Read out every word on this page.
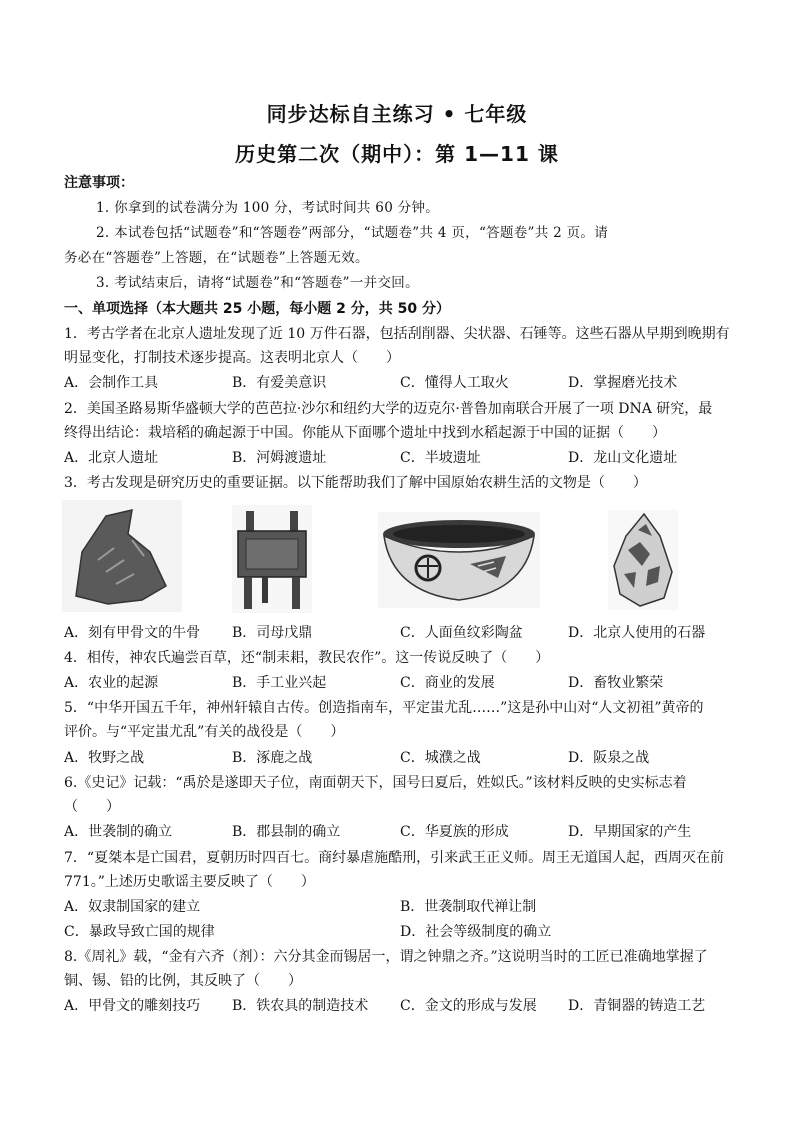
同步达标自主练习 • 七年级
历史第二次（期中）：第 1—11 课
注意事项：
1. 你拿到的试卷满分为 100 分，考试时间共 60 分钟。
2. 本试卷包括“试题卷”和“答题卷”两部分，“试题卷”共 4 页，“答题卷”共 2 页。请
务必在“答题卷”上答题，在“试题卷”上答题无效。
3. 考试结束后，请将“试题卷”和“答题卷”一并交回。
一、单项选择（本大题共 25 小题，每小题 2 分，共 50 分）
1．考古学者在北京人遗址发现了近 10 万件石器，包括刮削器、尖状器、石锤等。这些石器从早期到晚期有
明显变化，打制技术逐步提高。这表明北京人（　　）
A．会制作工具	B．有爱美意识	C．懂得人工取火	D．掌握磨光技术
2．美国圣路易斯华盛顿大学的芭芭拉·沙尔和纽约大学的迈克尔·普鲁加南联合开展了一项 DNA 研究，最
终得出结论：栽培稻的确起源于中国。你能从下面哪个遗址中找到水稻起源于中国的证据（　　）
A．北京人遗址	B．河姆渡遗址	C．半坡遗址	D．龙山文化遗址
3．考古发现是研究历史的重要证据。以下能帮助我们了解中国原始农耕生活的文物是（　　）
A．刻有甲骨文的牛骨 B．司母戊鼎	C．人面鱼纹彩陶盆	D．北京人使用的石器
4．相传，神农氏遍尝百草，还“制耒耜，教民农作”。这一传说反映了（　　）
A．农业的起源	B．手工业兴起	C．商业的发展	D．畜牧业繁荣
5．“中华开国五千年，神州轩辕自古传。创造指南车，平定蚩尤乱……”这是孙中山对“人文初祖”黄帝的
评价。与“平定蚩尤乱”有关的战役是（　　）
A．牧野之战	B．涿鹿之战	C．城濮之战	D．阪泉之战
6.《史记》记载：“禹於是遂即天子位，南面朝天下，国号曰夏后，姓姒氏。”该材料反映的史实标志着
（　　）
A．世袭制的确立	B．郡县制的确立	C．华夏族的形成	D．早期国家的产生
7．“夏桀本是亡国君，夏朝历时四百七。商纣暴虐施酷刑，引来武王正义师。周王无道国人起，西周灭在前
771。”上述历史歌谣主要反映了（　　）
A．奴隶制国家的建立	B．世袭制取代禅让制
C．暴政导致亡国的规律	D．社会等级制度的确立
8.《周礼》载，“金有六齐（剂）：六分其金而锡居一，谓之钟鼎之齐。”这说明当时的工匠已准确地掌握了
铜、锡、铅的比例，其反映了（　　）
A．甲骨文的雕刻技巧 B．铁农具的制造技术 C．金文的形成与发展 D．青铜器的铸造工艺
